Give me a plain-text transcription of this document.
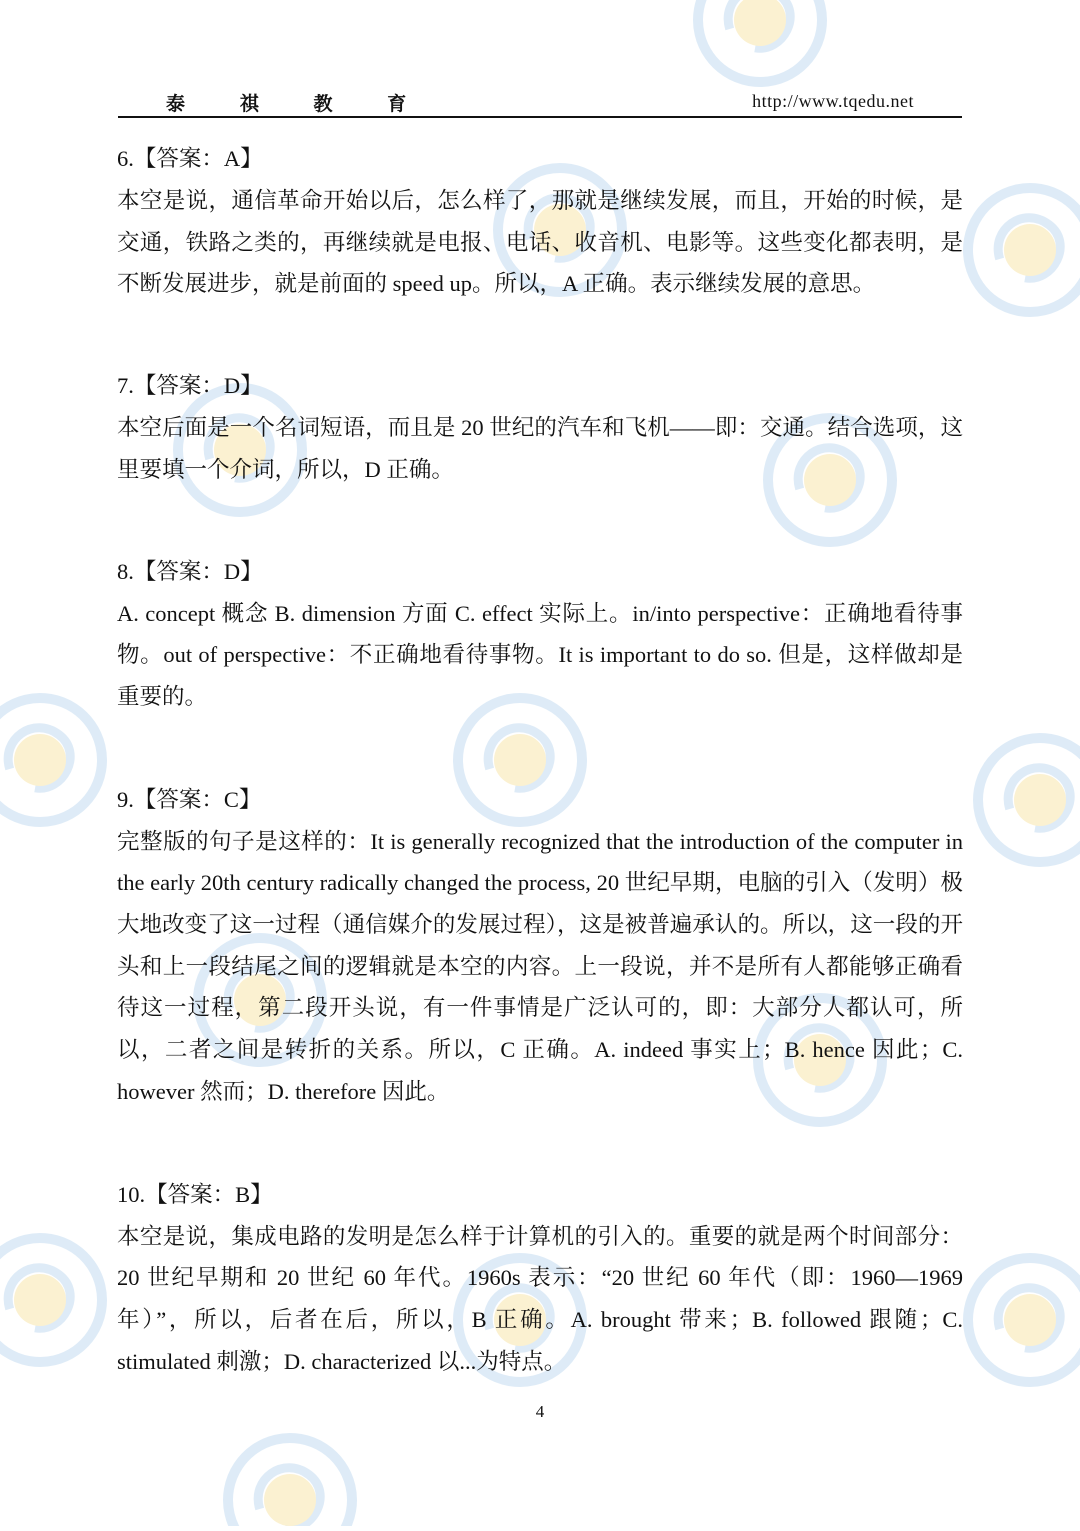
泰 祺 教 育	http://www.tqedu.net
6.【答案：A】
本空是说，通信革命开始以后，怎么样了，那就是继续发展，而且，开始的时候，是交通，铁路之类的，再继续就是电报、电话、收音机、电影等。这些变化都表明，是不断发展进步，就是前面的 speed up。所以，A 正确。表示继续发展的意思。
7.【答案：D】
本空后面是一个名词短语，而且是 20 世纪的汽车和飞机——即：交通。结合选项，这里要填一个介词，所以，D 正确。
8.【答案：D】
A. concept 概念 B. dimension 方面 C. effect 实际上。in/into perspective：正确地看待事物。out of perspective：不正确地看待事物。It is important to do so. 但是，这样做却是重要的。
9.【答案：C】
完整版的句子是这样的：It is generally recognized that the introduction of the computer in the early 20th century radically changed the process, 20 世纪早期，电脑的引入（发明）极大地改变了这一过程（通信媒介的发展过程），这是被普遍承认的。所以，这一段的开头和上一段结尾之间的逻辑就是本空的内容。上一段说，并不是所有人都能够正确看待这一过程，第二段开头说，有一件事情是广泛认可的，即：大部分人都认可，所以，二者之间是转折的关系。所以，C 正确。A. indeed 事实上；B. hence 因此；C. however 然而；D. therefore 因此。
10.【答案：B】
本空是说，集成电路的发明是怎么样于计算机的引入的。重要的就是两个时间部分：20 世纪早期和 20 世纪 60 年代。1960s 表示：“20 世纪 60 年代（即：1960—1969 年）”，所以，后者在后，所以，B 正确。A. brought 带来；B. followed 跟随；C. stimulated 刺激；D. characterized 以...为特点。
4
